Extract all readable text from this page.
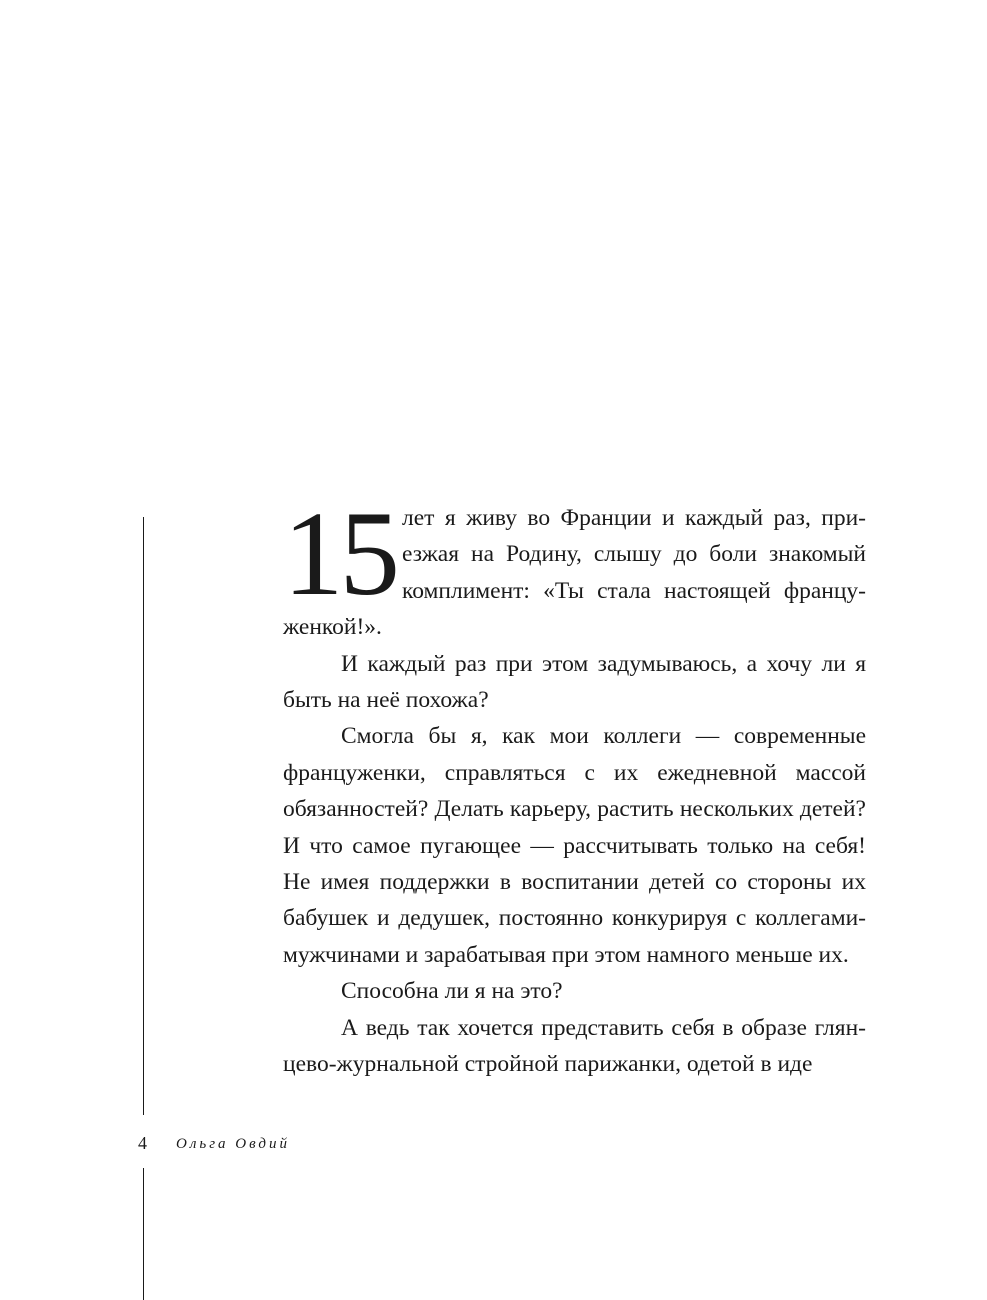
15 лет я живу во Франции и каждый раз, приезжая на Родину, слышу до боли знакомый комплимент: «Ты стала настоящей француженкой!».

И каждый раз при этом задумываюсь, а хочу ли я быть на неё похожа?

Смогла бы я, как мои коллеги — современные француженки, справляться с их ежедневной массой обязанностей? Делать карьеру, растить нескольких детей? И что самое пугающее — рассчитывать только на себя! Не имея поддержки в воспитании детей со стороны их бабушек и дедушек, постоянно конкурируя с коллегами-мужчинами и зарабатывая при этом намного меньше их.

Способна ли я на это?

А ведь так хочется представить себя в образе глянцево-журнальной стройной парижанки, одетой в иде

4 Ольга Овдий
